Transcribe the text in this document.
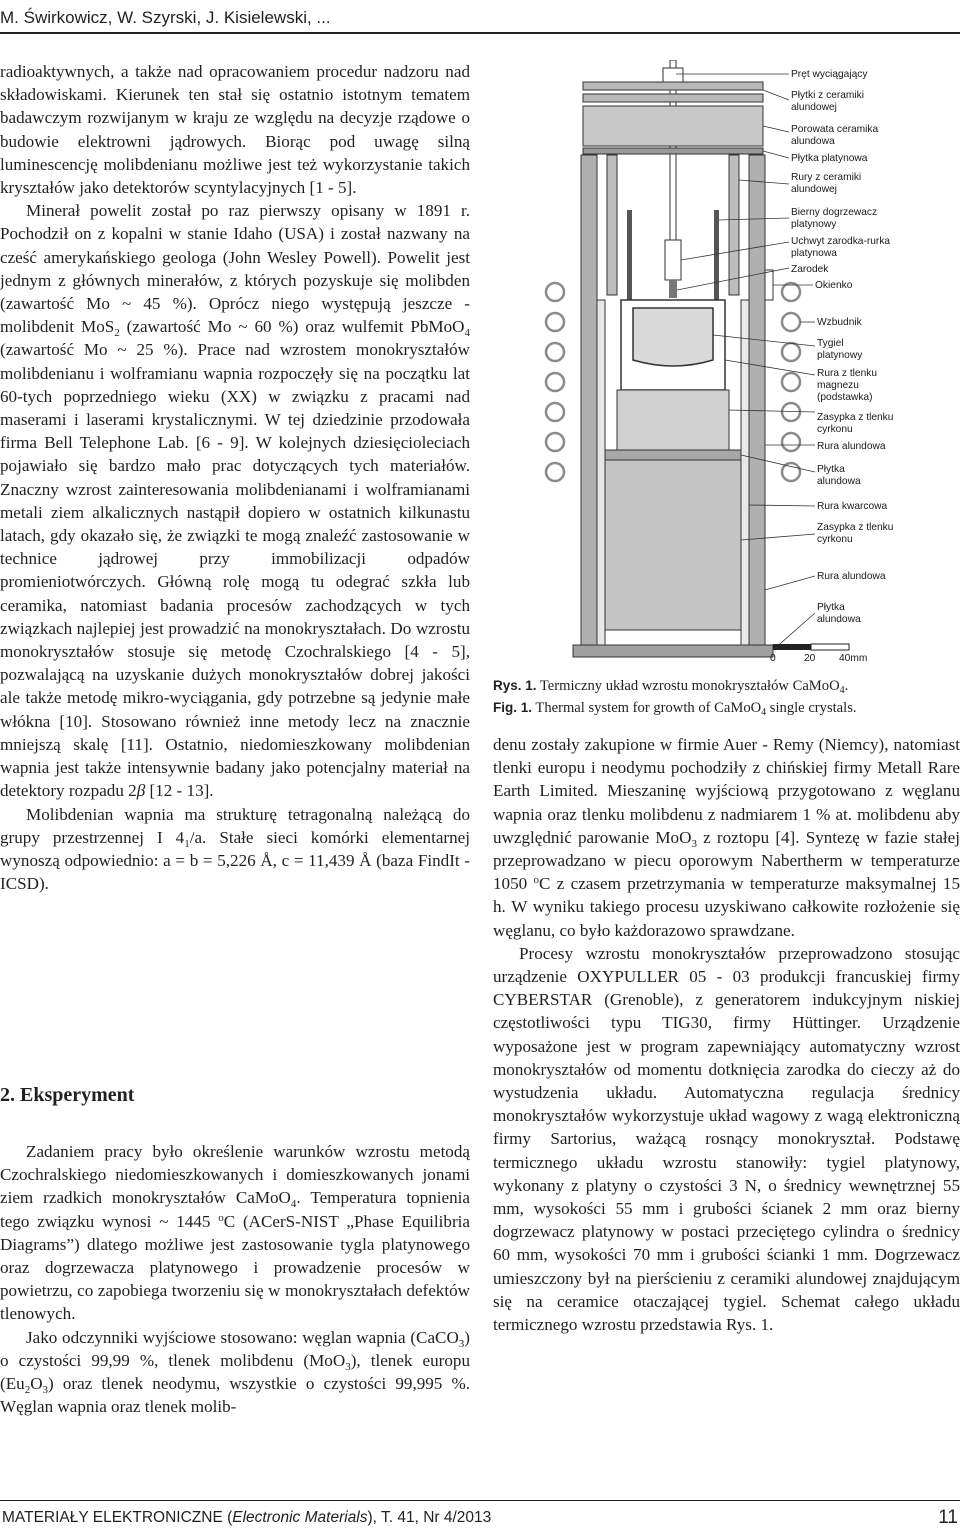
M. Świrkowicz, W. Szyrski, J. Kisielewski, ...

radioaktywnych, a także nad opracowaniem procedur nadzoru nad składowiskami. Kierunek ten stał się ostatnio istotnym tematem badawczym rozwijanym w kraju ze względu na decyzje rządowe o budowie elektrowni jądrowych. Biorąc pod uwagę silną luminescencję molibdenianu możliwe jest też wykorzystanie takich kryształów jako detektorów scyntylacyjnych [1 - 5].

Minerał powelit został po raz pierwszy opisany w 1891 r. Pochodził on z kopalni w stanie Idaho (USA) i został nazwany na cześć amerykańskiego geologa (John Wesley Powell). Powelit jest jednym z głównych minerałów, z których pozyskuje się molibden (zawartość Mo ~ 45 %). Oprócz niego występują jeszcze - molibdenit MoS$_2$ (zawartość Mo ~ 60 %) oraz wulfemit PbMoO$_4$ (zawartość Mo ~ 25 %). Prace nad wzrostem monokryształów molibdenianu i wolframianu wapnia rozpoczęły się na początku lat 60-tych poprzedniego wieku (XX) w związku z pracami nad maserami i laserami krystalicznymi. W tej dziedzinie przodowała firma Bell Telephone Lab. [6 - 9]. W kolejnych dziesięcioleciach pojawiało się bardzo mało prac dotyczących tych materiałów. Znaczny wzrost zainteresowania molibdenianami i wolframianami metali ziem alkalicznych nastąpił dopiero w ostatnich kilkunastu latach, gdy okazało się, że związki te mogą znaleźć zastosowanie w technice jądrowej przy immobilizacji odpadów promieniotwórczych. Główną rolę mogą tu odegrać szkła lub ceramika, natomiast badania procesów zachodzących w tych związkach najlepiej jest prowadzić na monokryształach. Do wzrostu monokryształów stosuje się metodę Czochralskiego [4 - 5], pozwalającą na uzyskanie dużych monokryształów dobrej jakości ale także metodę mikro-wyciągania, gdy potrzebne są jedynie małe włókna [10]. Stosowano również inne metody lecz na znacznie mniejszą skalę [11]. Ostatnio, niedomieszkowany molibdenian wapnia jest także intensywnie badany jako potencjalny materiał na detektory rozpadu 2β [12 - 13].

Molibdenian wapnia ma strukturę tetragonalną należącą do grupy przestrzennej I $4_1/a$. Stałe sieci komórki elementarnej wynoszą odpowiednio: a = b = 5,226 Å, c = 11,439 Å (baza FindIt - ICSD).

2. Eksperyment

Zadaniem pracy było określenie warunków wzrostu metodą Czochralskiego niedomieszkowanych i domieszkowanych jonami ziem rzadkich monokryształów CaMoO$_4$. Temperatura topnienia tego związku wynosi ~ 1445 $^o$C (ACerS-NIST „Phase Equilibria Diagrams”) dlatego możliwe jest zastosowanie tygla platynowego oraz dogrzewacza platynowego i prowadzenie procesów w powietrzu, co zapobiega tworzeniu się w monokryształach defektów tlenowych.

Jako odczynniki wyjściowe stosowano: węglan wapnia (CaCO$_3$) o czystości 99,99 %, tlenek molibdenu (MoO$_3$), tlenek europu $(Eu_2O_3)$ oraz tlenek neodymu, wszystkie o czystości 99,995 %. Węglan wapnia oraz tlenek molib-

Pręt wyciągający
Płytki z ceramiki
alundowej
Porowata ceramika
alundowa
Płytka platynowa
Rury z ceramiki
alundowej
Bierny dogrzewacz
platynowy
Uchwyt zarodka-rurka
platynowa
Zarodek
Okienko
Wzbudnik
Tygiel
platynowy
Rura z tlenku
magnezu
(podstawka)
Zasypka z tlenku
cyrkonu
Rura alundowa
Płytka
alundowa
Rura kwarcowa
Zasypka z tlenku
cyrkonu
Rura alundowa
Płytka
alundowa
0	20 40mm
Rys. 1. Termiczny układ wzrostu monokryształów CaMoO$_4$.
Fig. 1. Thermal system for growth of CaMoO$_4$ single crystals.

denu zostały zakupione w firmie Auer - Remy (Niemcy), natomiast tlenki europu i neodymu pochodziły z chińskiej firmy Metall Rare Earth Limited. Mieszaninę wyjściową przygotowano z węglanu wapnia oraz tlenku molibdenu z nadmiarem 1 % at. molibdenu aby uwzględnić parowanie MoO$_3$ z roztopu [4]. Syntezę w fazie stałej przeprowadzano w piecu oporowym Nabertherm w temperaturze 1050 $^o$C z czasem przetrzymania w temperaturze maksymalnej 15 h. W wyniku takiego procesu uzyskiwano całkowite rozłożenie się węglanu, co było każdorazowo sprawdzane.

Procesy wzrostu monokryształów przeprowadzono stosując urządzenie OXYPULLER 05 - 03 produkcji francuskiej firmy CYBERSTAR (Grenoble), z generatorem indukcyjnym niskiej częstotliwości typu TIG30, firmy Hüttinger. Urządzenie wyposażone jest w program zapewniający automatyczny wzrost monokryształów od momentu dotknięcia zarodka do cieczy aż do wystudzenia układu. Automatyczna regulacja średnicy monokryształów wykorzystuje układ wagowy z wagą elektroniczną firmy Sartorius, ważącą rosnący monokryształ. Podstawę termicznego układu wzrostu stanowiły: tygiel platynowy, wykonany z platyny o czystości 3 N, o średnicy wewnętrznej 55 mm, wysokości 55 mm i grubości ścianek 2 mm oraz bierny dogrzewacz platynowy w postaci przeciętego cylindra o średnicy 60 mm, wysokości 70 mm i grubości ścianki 1 mm. Dogrzewacz umieszczony był na pierścieniu z ceramiki alundowej znajdującym się na ceramice otaczającej tygiel. Schemat całego układu termicznego wzrostu przedstawia Rys. 1.

MATERIAŁY ELEKTRONICZNE (Electronic Materials), T. 41, Nr 4/2013	11
